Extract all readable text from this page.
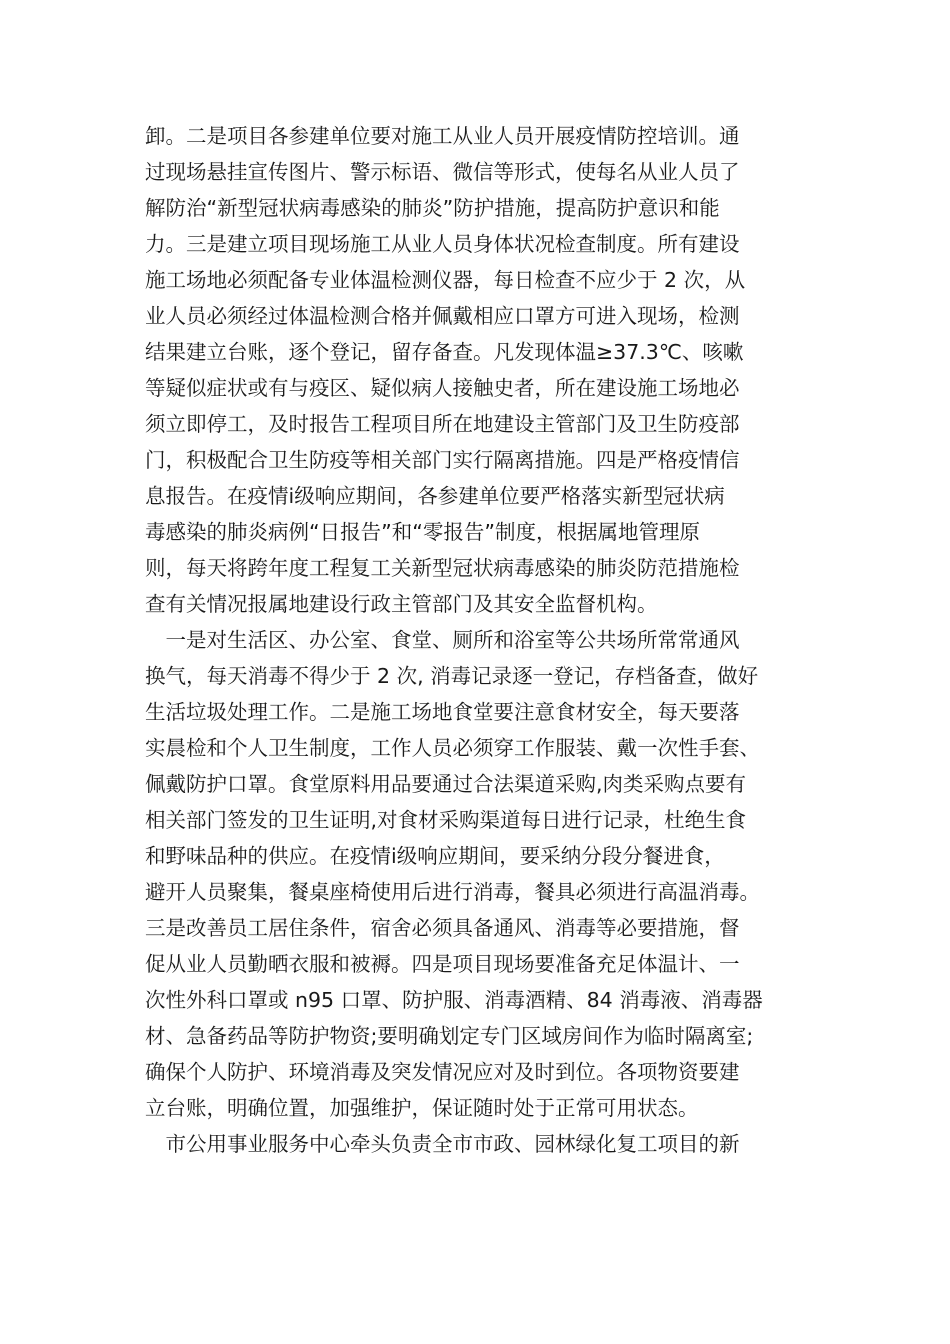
卸。二是项目各参建单位要对施工从业人员开展疫情防控培训。通
过现场悬挂宣传图片、警示标语、微信等形式，使每名从业人员了
解防治“新型冠状病毒感染的肺炎”防护措施，提高防护意识和能
力。三是建立项目现场施工从业人员身体状况检查制度。所有建设
施工场地必须配备专业体温检测仪器，每日检查不应少于 2 次，从
业人员必须经过体温检测合格并佩戴相应口罩方可进入现场，检测
结果建立台账，逐个登记，留存备查。凡发现体温≥37.3℃、咳嗽
等疑似症状或有与疫区、疑似病人接触史者，所在建设施工场地必
须立即停工，及时报告工程项目所在地建设主管部门及卫生防疫部
门，积极配合卫生防疫等相关部门实行隔离措施。四是严格疫情信
息报告。在疫情ⅰ级响应期间，各参建单位要严格落实新型冠状病
毒感染的肺炎病例“日报告”和“零报告”制度，根据属地管理原
则，每天将跨年度工程复工关新型冠状病毒感染的肺炎防范措施检
查有关情况报属地建设行政主管部门及其安全监督机构。
　一是对生活区、办公室、食堂、厕所和浴室等公共场所常常通风
换气，每天消毒不得少于 2 次, 消毒记录逐一登记，存档备查，做好
生活垃圾处理工作。二是施工场地食堂要注意食材安全，每天要落
实晨检和个人卫生制度，工作人员必须穿工作服装、戴一次性手套、
佩戴防护口罩。食堂原料用品要通过合法渠道采购,肉类采购点要有
相关部门签发的卫生证明,对食材采购渠道每日进行记录，杜绝生食
和野味品种的供应。在疫情ⅰ级响应期间，要采纳分段分餐进食，
避开人员聚集，餐桌座椅使用后进行消毒，餐具必须进行高温消毒。
三是改善员工居住条件，宿舍必须具备通风、消毒等必要措施，督
促从业人员勤晒衣服和被褥。四是项目现场要准备充足体温计、一
次性外科口罩或 n95 口罩、防护服、消毒酒精、84 消毒液、消毒器
材、急备药品等防护物资;要明确划定专门区域房间作为临时隔离室;
确保个人防护、环境消毒及突发情况应对及时到位。各项物资要建
立台账，明确位置，加强维护，保证随时处于正常可用状态。
　市公用事业服务中心牵头负责全市市政、园林绿化复工项目的新
